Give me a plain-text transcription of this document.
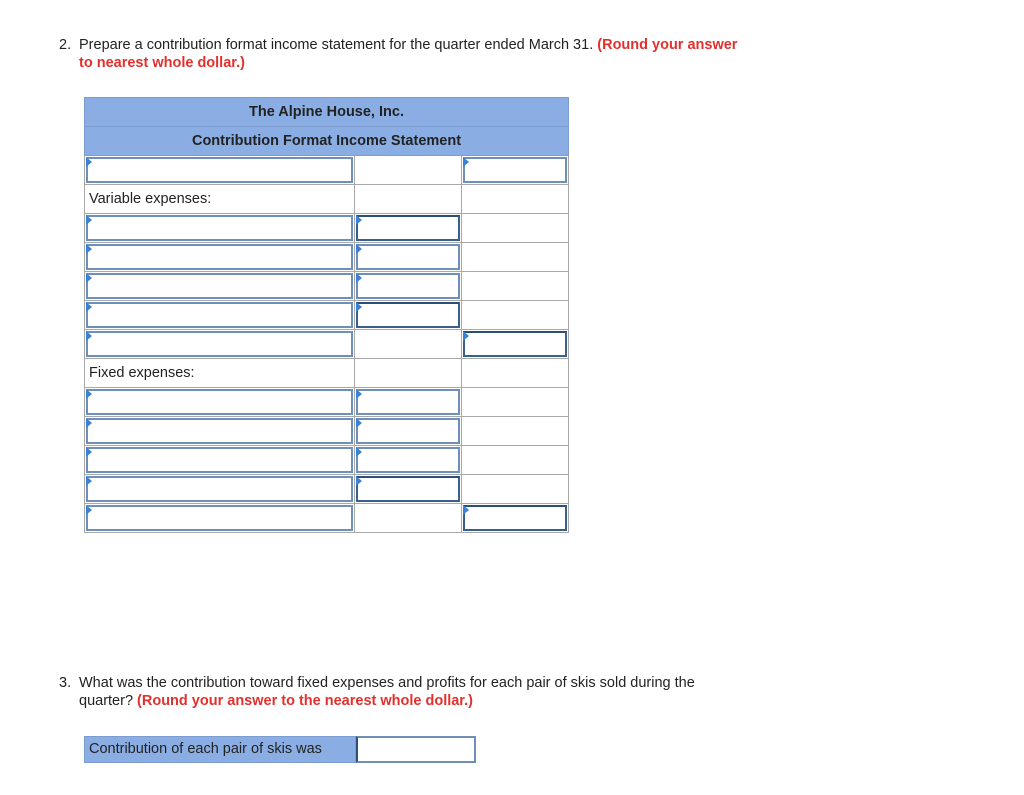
2. Prepare a contribution format income statement for the quarter ended March 31. (Round your answer
to nearest whole dollar.)
The Alpine House, Inc.		
Contribution Format Income Statement		

Variable expenses:		

Fixed expenses:		

3. What was the contribution toward fixed expenses and profits for each pair of skis sold during the
quarter? (Round your answer to the nearest whole dollar.)
Contribution of each pair of skis was
